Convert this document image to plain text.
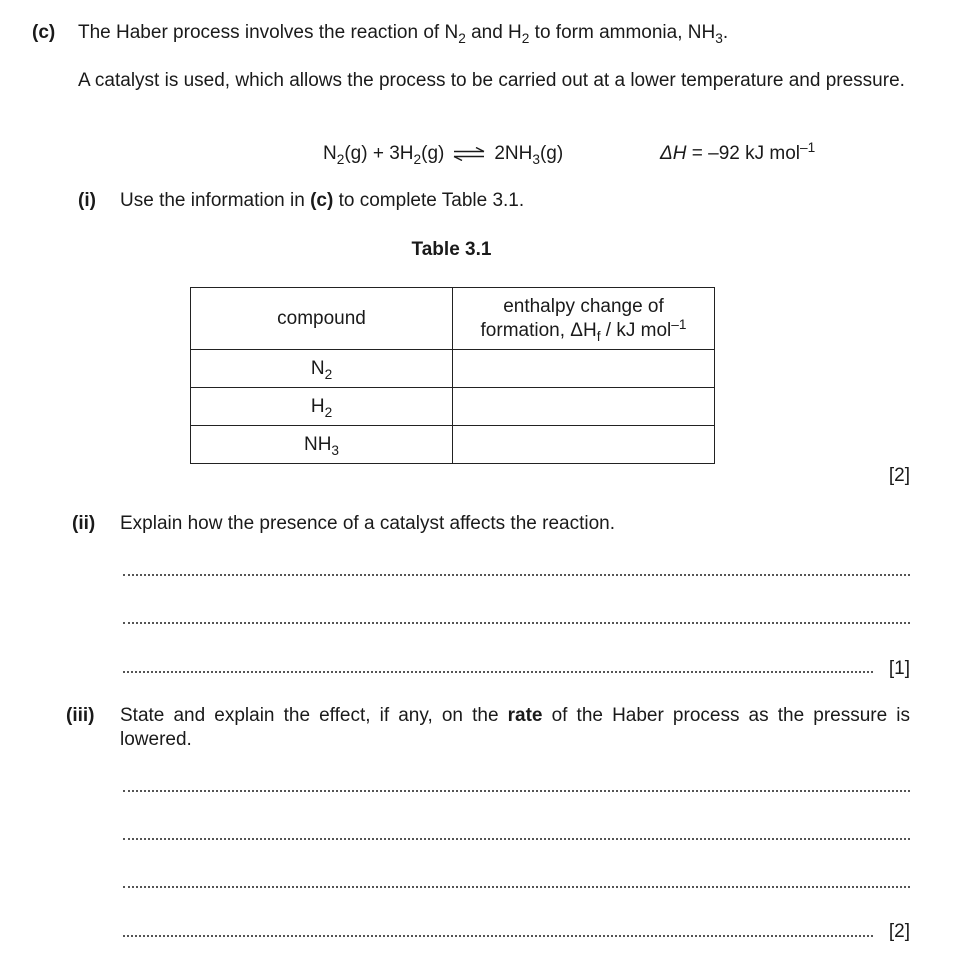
(c) The Haber process involves the reaction of $N_2$ and $H_2$ to form ammonia, $NH_3$.
A catalyst is used, which allows the process to be carried out at a lower temperature and pressure.
$N_2(g) + 3H_2(g)$ ⇌ $2NH_3(g)$	ΔH = –92 kJ mol$^{-1}$
(i) Use the information in (c) to complete Table 3.1.
Table 3.1
compound	enthalpy change of
formation, $\Delta H_f$ / kJ mol$^{-1}$

$N_2$	
$H_2$	
$NH_3$	
[2]
(ii) Explain how the presence of a catalyst affects the reaction.
[1]
(iii) State and explain the effect, if any, on the rate of the Haber process as the pressure is lowered.
[2]
